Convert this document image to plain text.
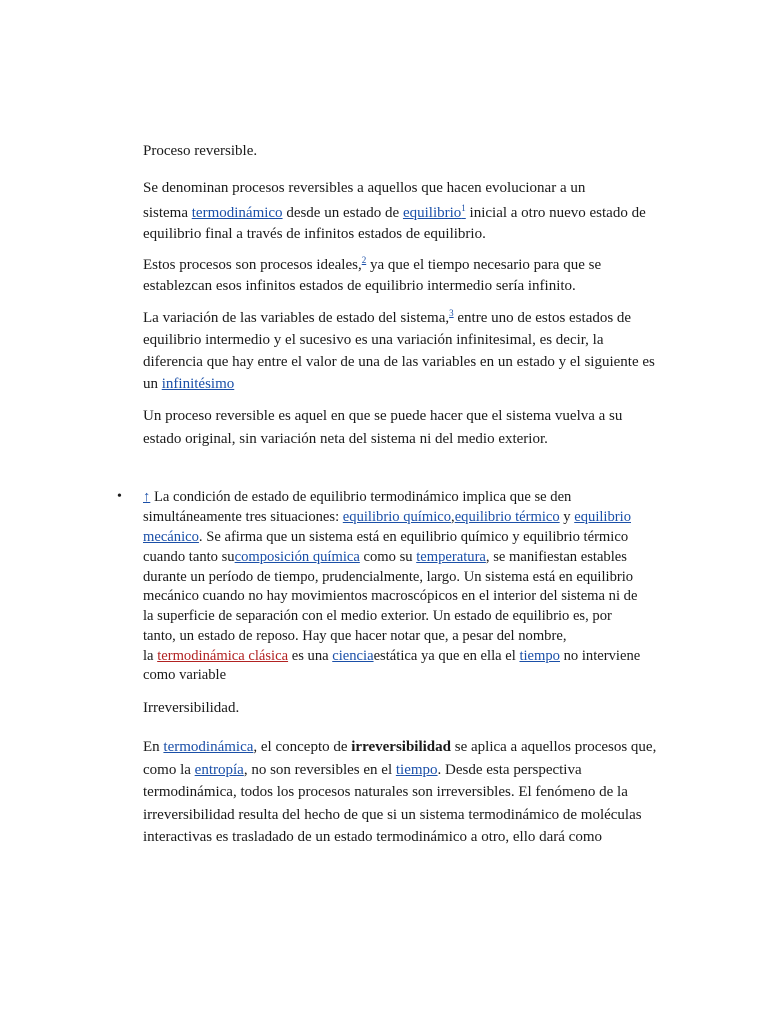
Proceso reversible.
Se denominan procesos reversibles a aquellos que hacen evolucionar a un
sistema termodinámico desde un estado de equilibrio$^1$ inicial a otro nuevo estado de
equilibrio final a través de infinitos estados de equilibrio.
Estos procesos son procesos ideales,$^2$ ya que el tiempo necesario para que se
establezcan esos infinitos estados de equilibrio intermedio sería infinito.
La variación de las variables de estado del sistema,$^3$ entre uno de estos estados de
equilibrio intermedio y el sucesivo es una variación infinitesimal, es decir, la
diferencia que hay entre el valor de una de las variables en un estado y el siguiente es
un infinitésimo
Un proceso reversible es aquel en que se puede hacer que el sistema vuelva a su
estado original, sin variación neta del sistema ni del medio exterior.
• ↑ La condición de estado de equilibrio termodinámico implica que se den
simultáneamente tres situaciones: equilibrio químico,equilibrio térmico y equilibrio
mecánico. Se afirma que un sistema está en equilibrio químico y equilibrio térmico
cuando tanto sucomposición química como su temperatura, se manifiestan estables
durante un período de tiempo, prudencialmente, largo. Un sistema está en equilibrio
mecánico cuando no hay movimientos macroscópicos en el interior del sistema ni de
la superficie de separación con el medio exterior. Un estado de equilibrio es, por
tanto, un estado de reposo. Hay que hacer notar que, a pesar del nombre,
la termodinámica clásica es una cienciaestática ya que en ella el tiempo no interviene
como variable
Irreversibilidad.
En termodinámica, el concepto de irreversibilidad se aplica a aquellos procesos que,
como la entropía, no son reversibles en el tiempo. Desde esta perspectiva
termodinámica, todos los procesos naturales son irreversibles. El fenómeno de la
irreversibilidad resulta del hecho de que si un sistema termodinámico de moléculas
interactivas es trasladado de un estado termodinámico a otro, ello dará como
